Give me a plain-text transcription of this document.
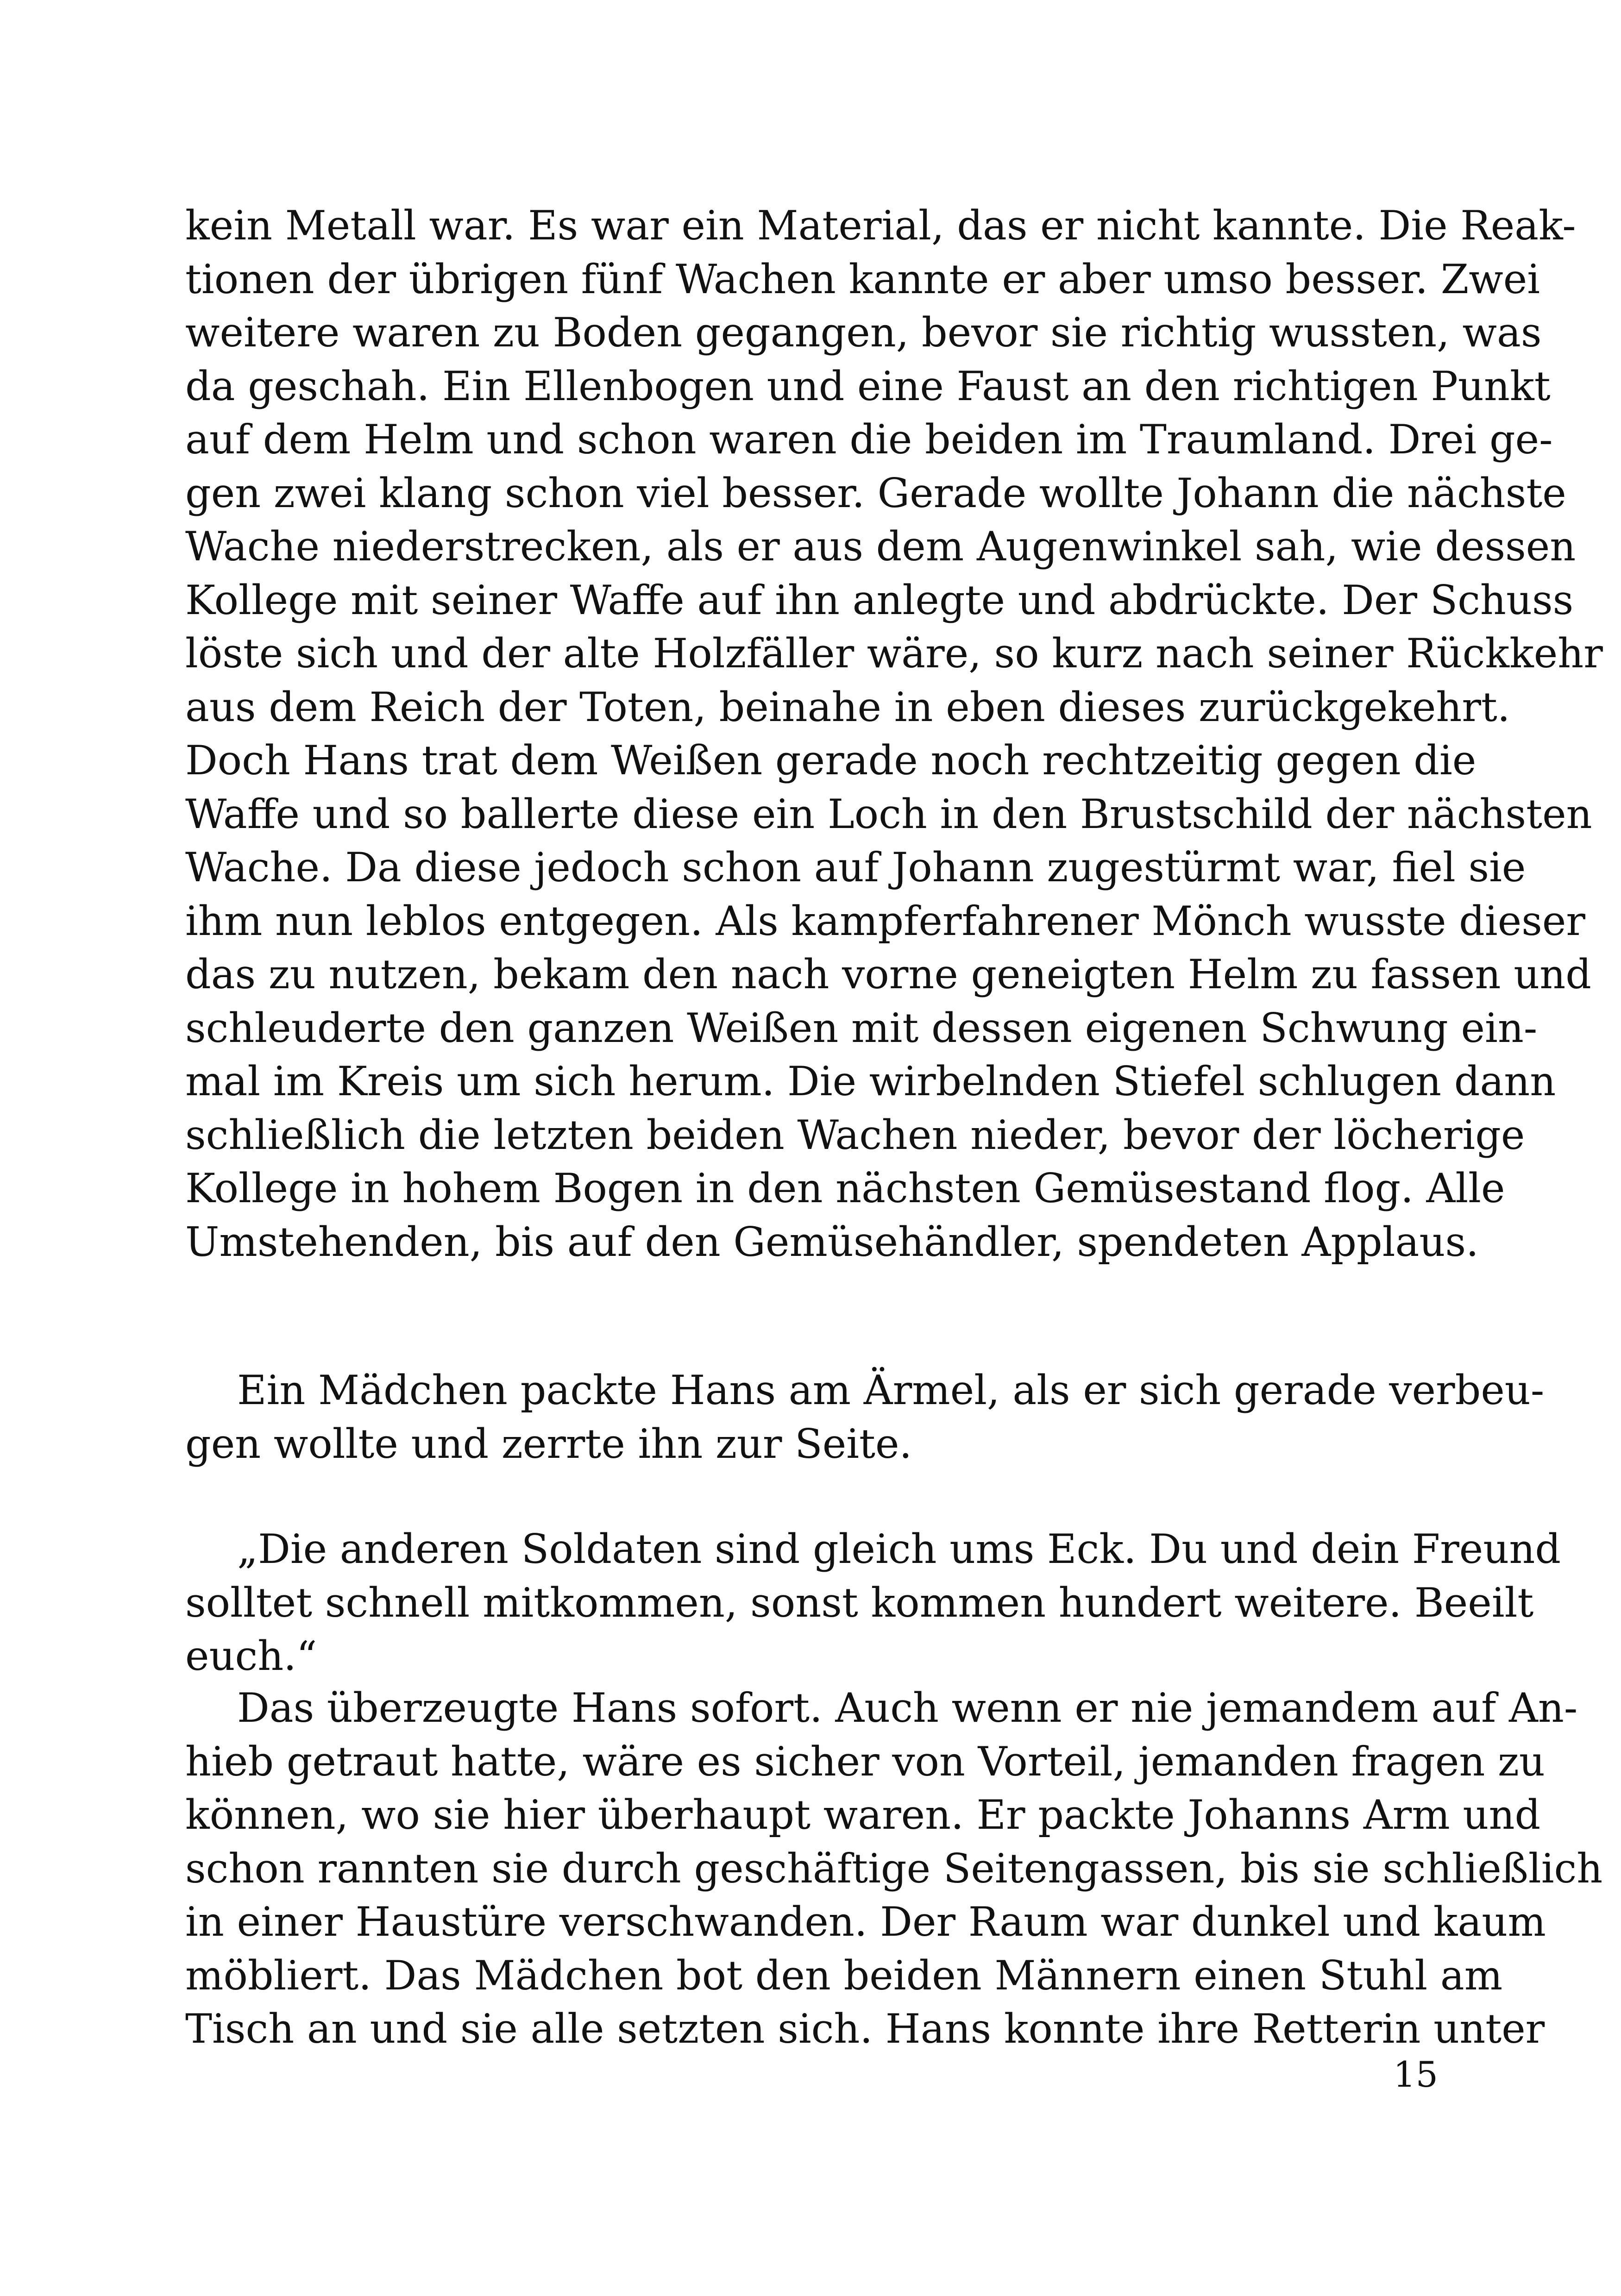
kein Metall war. Es war ein Material, das er nicht kannte. Die Reak-
tionen der übrigen fünf Wachen kannte er aber umso besser. Zwei
weitere waren zu Boden gegangen, bevor sie richtig wussten, was
da geschah. Ein Ellenbogen und eine Faust an den richtigen Punkt
auf dem Helm und schon waren die beiden im Traumland. Drei ge-
gen zwei klang schon viel besser. Gerade wollte Johann die nächste
Wache niederstrecken, als er aus dem Augenwinkel sah, wie dessen
Kollege mit seiner Waffe auf ihn anlegte und abdrückte. Der Schuss
löste sich und der alte Holzfäller wäre, so kurz nach seiner Rückkehr
aus dem Reich der Toten, beinahe in eben dieses zurückgekehrt.
Doch Hans trat dem Weißen gerade noch rechtzeitig gegen die
Waffe und so ballerte diese ein Loch in den Brustschild der nächsten
Wache. Da diese jedoch schon auf Johann zugestürmt war, fiel sie
ihm nun leblos entgegen. Als kampferfahrener Mönch wusste dieser
das zu nutzen, bekam den nach vorne geneigten Helm zu fassen und
schleuderte den ganzen Weißen mit dessen eigenen Schwung ein-
mal im Kreis um sich herum. Die wirbelnden Stiefel schlugen dann
schließlich die letzten beiden Wachen nieder, bevor der löcherige
Kollege in hohem Bogen in den nächsten Gemüsestand flog. Alle
Umstehenden, bis auf den Gemüsehändler, spendeten Applaus.
Ein Mädchen packte Hans am Ärmel, als er sich gerade verbeu-
gen wollte und zerrte ihn zur Seite.
„Die anderen Soldaten sind gleich ums Eck. Du und dein Freund
solltet schnell mitkommen, sonst kommen hundert weitere. Beeilt
euch.“
Das überzeugte Hans sofort. Auch wenn er nie jemandem auf An-
hieb getraut hatte, wäre es sicher von Vorteil, jemanden fragen zu
können, wo sie hier überhaupt waren. Er packte Johanns Arm und
schon rannten sie durch geschäftige Seitengassen, bis sie schließlich
in einer Haustüre verschwanden. Der Raum war dunkel und kaum
möbliert. Das Mädchen bot den beiden Männern einen Stuhl am
Tisch an und sie alle setzten sich. Hans konnte ihre Retterin unter
15
